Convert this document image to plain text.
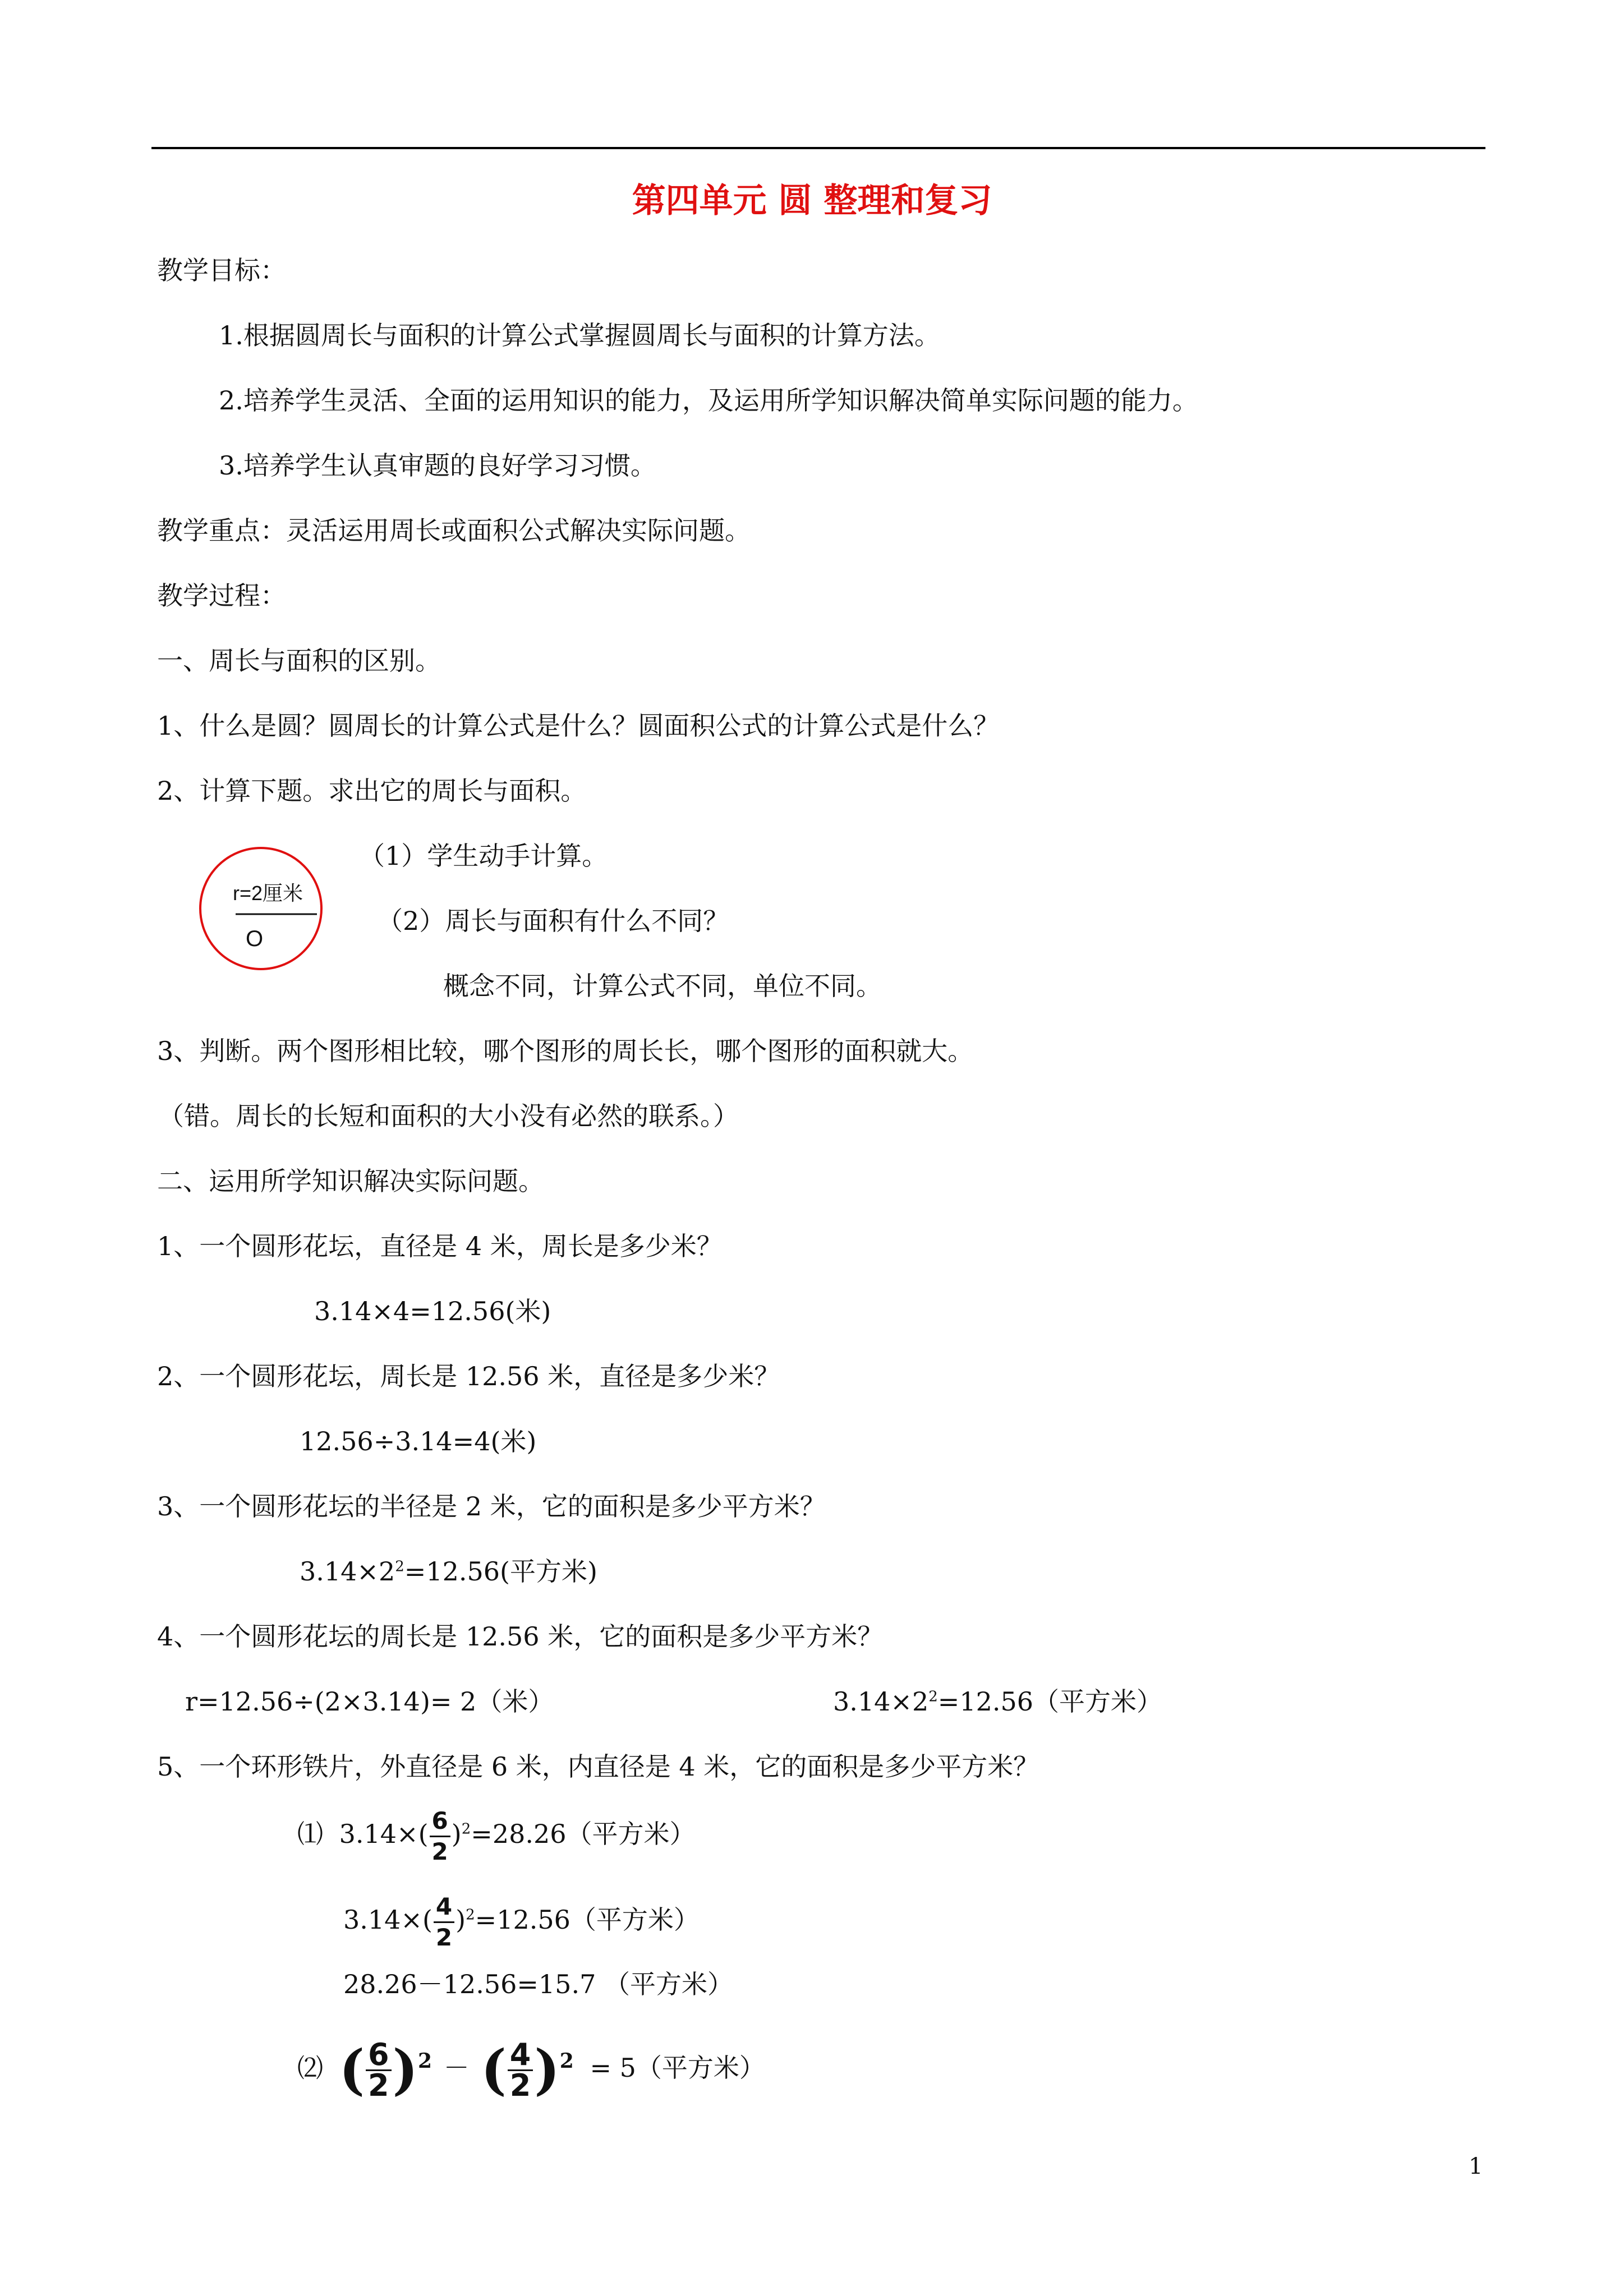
第四单元 圆 整理和复习
教学目标：
1.根据圆周长与面积的计算公式掌握圆周长与面积的计算方法。
2.培养学生灵活、全面的运用知识的能力，及运用所学知识解决简单实际问题的能力。
3.培养学生认真审题的良好学习习惯。
教学重点：灵活运用周长或面积公式解决实际问题。
教学过程：
一、周长与面积的区别。
1、什么是圆？圆周长的计算公式是什么？圆面积公式的计算公式是什么？
2、计算下题。求出它的周长与面积。
r=2厘米
O
（1）学生动手计算。
（2）周长与面积有什么不同？
概念不同，计算公式不同，单位不同。
3、判断。两个图形相比较，哪个图形的周长长，哪个图形的面积就大。
（错。周长的长短和面积的大小没有必然的联系。）
二、运用所学知识解决实际问题。
1、一个圆形花坛，直径是 4 米，周长是多少米？
3.14×4=12.56(米)
2、一个圆形花坛，周长是 12.56 米，直径是多少米？
12.56÷3.14=4(米)
3、一个圆形花坛的半径是 2 米，它的面积是多少平方米？
$3.14\times 2^2=12.56$(平方米)
4、一个圆形花坛的周长是 12.56 米，它的面积是多少平方米？
r=12.56÷(2×3.14)= 2（米）	$3.14\times 2^2=12.56$（平方米）
5、一个环形铁片，外直径是 6 米，内直径是 4 米，它的面积是多少平方米？
⑴ $3.14\times( \frac{6}{2} )^2=28.26$（平方米）
$3.14\times( \frac{4}{2} )^2=12.56$（平方米）
28.26－12.56=15.7 （平方米）
⑵ ( $\frac{6}{2} )^2$ － ( $\frac{4}{2} )^2 = 5$（平方米）
1
